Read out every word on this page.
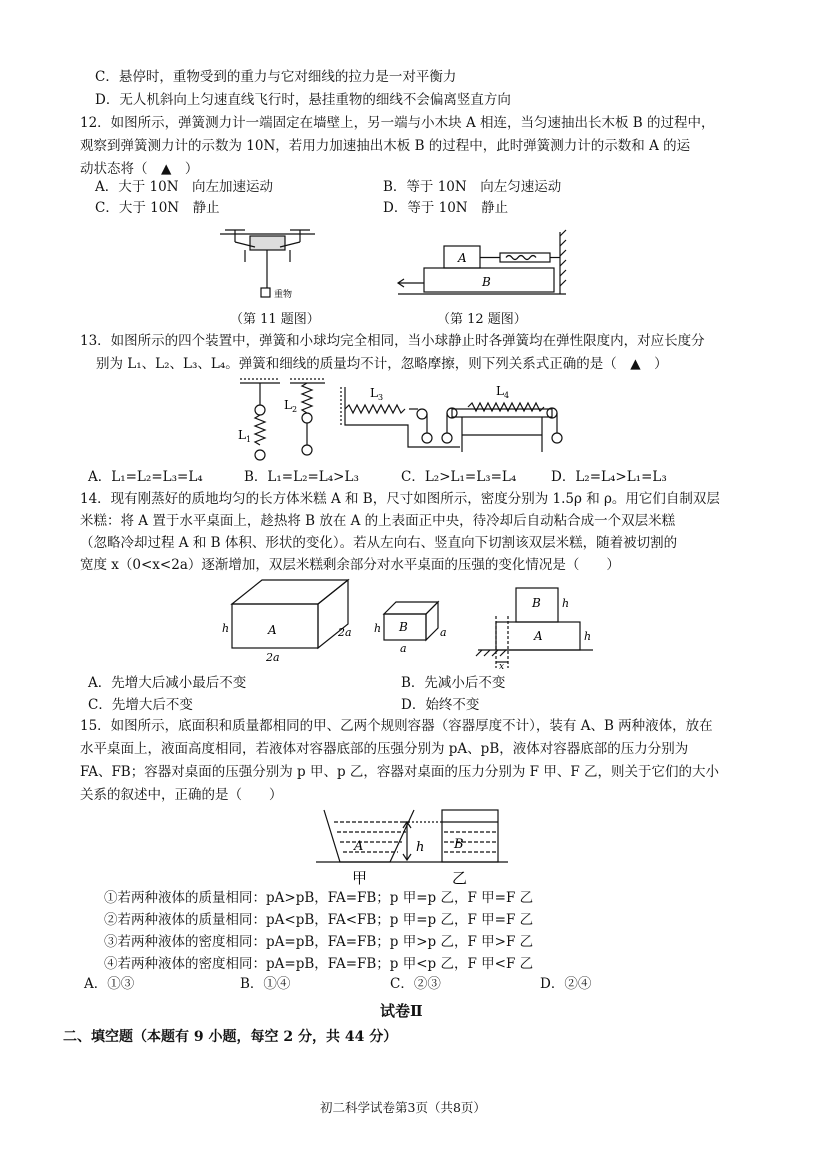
C．悬停时，重物受到的重力与它对细线的拉力是一对平衡力
D．无人机斜向上匀速直线飞行时，悬挂重物的细线不会偏离竖直方向
12．如图所示，弹簧测力计一端固定在墙壁上，另一端与小木块 A 相连，当匀速抽出长木板 B 的过程中，
观察到弹簧测力计的示数为 10N，若用力加速抽出木板 B 的过程中，此时弹簧测力计的示数和 A 的运
动状态将（　▲　）
A．大于 10N　向左加速运动	B．等于 10N　向左匀速运动
C．大于 10N　静止	D．等于 10N　静止
重物
A
B
（第 11 题图）	（第 12 题图）
13．如图所示的四个装置中，弹簧和小球均完全相同，当小球静止时各弹簧均在弹性限度内，对应长度分
别为 L₁、L₂、L₃、L₄。弹簧和细线的质量均不计，忽略摩擦，则下列关系式正确的是（　▲　）
L 1
L 2
L 3	L 4
A．L₁=L₂=L₃=L₄	B．L₁=L₂=L₄>L₃	C．L₂>L₁=L₃=L₄	D．L₂=L₄>L₁=L₃
14．现有刚蒸好的质地均匀的长方体米糕 A 和 B，尺寸如图所示，密度分别为 1.5ρ 和 ρ。用它们自制双层
米糕：将 A 置于水平桌面上，趁热将 B 放在 A 的上表面正中央，待冷却后自动粘合成一个双层米糕
（忽略冷却过程 A 和 B 体积、形状的变化）。若从左向右、竖直向下切割该双层米糕，随着被切割的
宽度 x（0<x<2a）逐渐增加，双层米糕剩余部分对水平桌面的压强的变化情况是（　　）
h	A	2a
2a
h B	a
a
B h
A	h
x
A．先增大后减小最后不变	B．先减小后不变
C．先增大后不变	D．始终不变
15．如图所示，底面积和质量都相同的甲、乙两个规则容器（容器厚度不计），装有 A、B 两种液体，放在
水平桌面上，液面高度相同，若液体对容器底部的压强分别为 pA、pB，液体对容器底部的压力分别为
FA、FB；容器对桌面的压强分别为 p 甲、p 乙，容器对桌面的压力分别为 F 甲、F 乙，则关于它们的大小
关系的叙述中，正确的是（　　）
A	h B
甲	乙
①若两种液体的质量相同：pA>pB，FA=FB；p 甲=p 乙，F 甲=F 乙
②若两种液体的质量相同：pA<pB，FA<FB；p 甲=p 乙，F 甲=F 乙
③若两种液体的密度相同：pA=pB，FA=FB；p 甲>p 乙，F 甲>F 乙
④若两种液体的密度相同：pA=pB，FA=FB；p 甲<p 乙，F 甲<F 乙
A．①③	B．①④	C．②③	D．②④
试卷Ⅱ
二、填空题（本题有 9 小题，每空 2 分，共 44 分）
初二科学试卷第3页（共8页）
